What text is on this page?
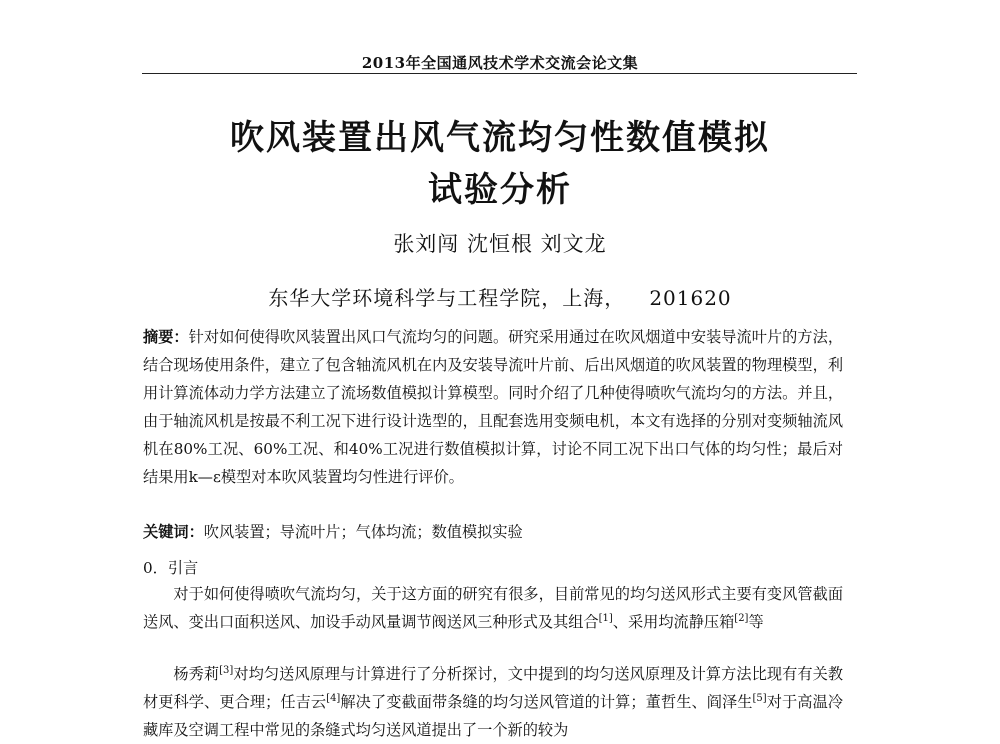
2013年全国通风技术学术交流会论文集
吹风装置出风气流均匀性数值模拟
试验分析
张刘闯 沈恒根 刘文龙
东华大学环境科学与工程学院，上海， 201620
摘要：针对如何使得吹风装置出风口气流均匀的问题。研究采用通过在吹风烟道中安装导流叶片的方法，结合现场使用条件，建立了包含轴流风机在内及安装导流叶片前、后出风烟道的吹风装置的物理模型，利用计算流体动力学方法建立了流场数值模拟计算模型。同时介绍了几种使得喷吹气流均匀的方法。并且，由于轴流风机是按最不利工况下进行设计选型的，且配套选用变频电机，本文有选择的分别对变频轴流风机在80%工况、60%工况、和40%工况进行数值模拟计算，讨论不同工况下出口气体的均匀性；最后对结果用k—ε模型对本吹风装置均匀性进行评价。
关键词：吹风装置；导流叶片；气体均流；数值模拟实验
0．引言
对于如何使得喷吹气流均匀，关于这方面的研究有很多，目前常见的均匀送风形式主要有变风管截面送风、变出口面积送风、加设手动风量调节阀送风三种形式及其组合[1]、采用均流静压箱[2]等
杨秀莉[3]对均匀送风原理与计算进行了分析探讨，文中提到的均匀送风原理及计算方法比现有有关教材更科学、更合理；任吉云[4]解决了变截面带条缝的均匀送风管道的计算；董哲生、阎泽生[5]对于高温冷藏库及空调工程中常见的条缝式均匀送风道提出了一个新的较为
